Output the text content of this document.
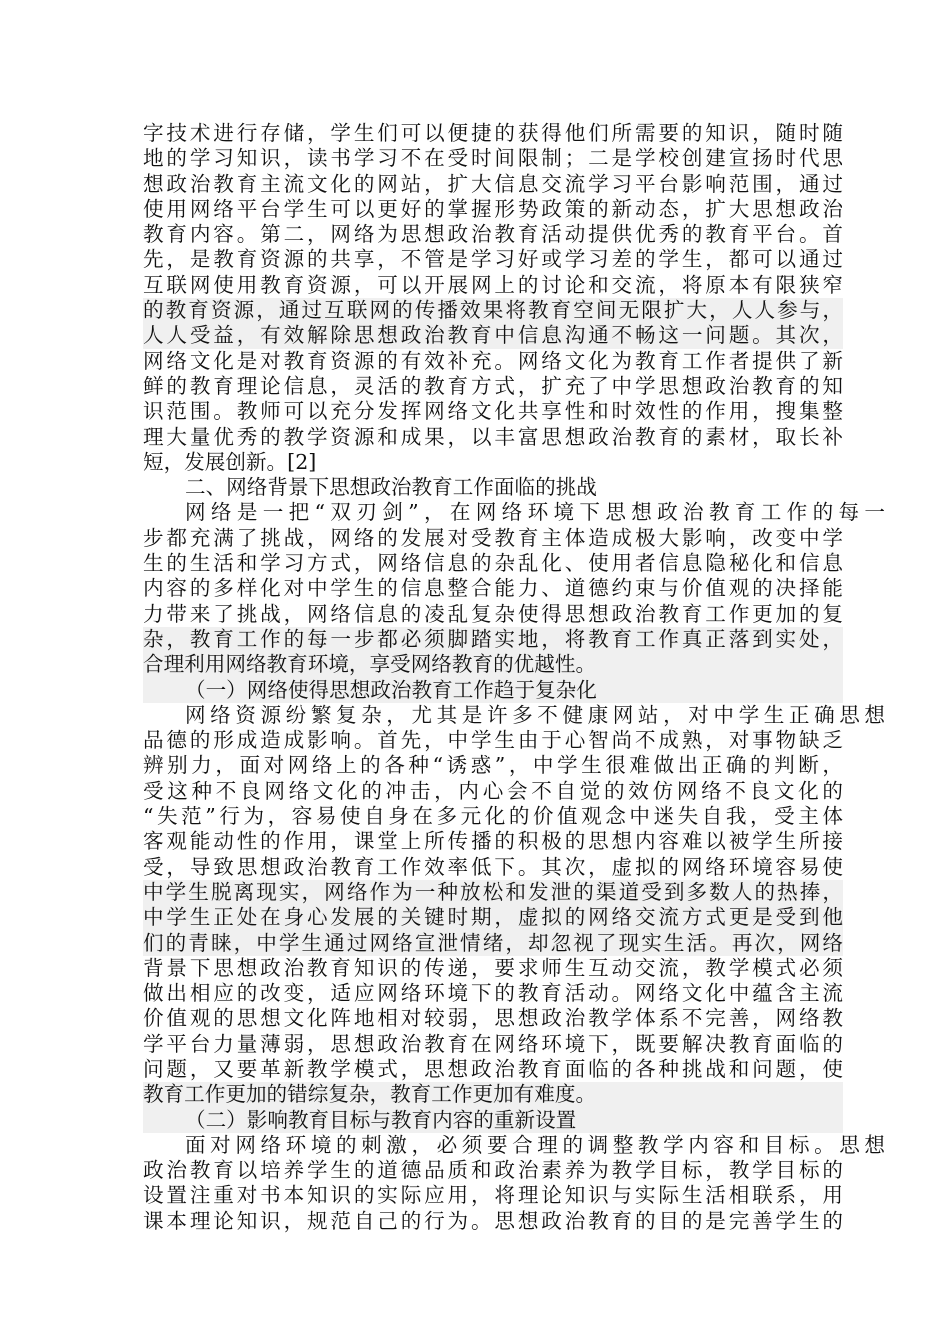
字技术进行存储，学生们可以便捷的获得他们所需要的知识，随时随
地的学习知识，读书学习不在受时间限制；二是学校创建宣扬时代思
想政治教育主流文化的网站，扩大信息交流学习平台影响范围，通过
使用网络平台学生可以更好的掌握形势政策的新动态，扩大思想政治
教育内容。第二，网络为思想政治教育活动提供优秀的教育平台。首
先，是教育资源的共享，不管是学习好或学习差的学生，都可以通过
互联网使用教育资源，可以开展网上的讨论和交流，将原本有限狭窄
的教育资源，通过互联网的传播效果将教育空间无限扩大，人人参与，
人人受益，有效解除思想政治教育中信息沟通不畅这一问题。其次，
网络文化是对教育资源的有效补充。网络文化为教育工作者提供了新
鲜的教育理论信息，灵活的教育方式，扩充了中学思想政治教育的知
识范围。教师可以充分发挥网络文化共享性和时效性的作用，搜集整
理大量优秀的教学资源和成果，以丰富思想政治教育的素材，取长补
短，发展创新。[2]
二、网络背景下思想政治教育工作面临的挑战
网络是一把“双刃剑”，在网络环境下思想政治教育工作的每一
步都充满了挑战，网络的发展对受教育主体造成极大影响，改变中学
生的生活和学习方式，网络信息的杂乱化、使用者信息隐秘化和信息
内容的多样化对中学生的信息整合能力、道德约束与价值观的决择能
力带来了挑战，网络信息的凌乱复杂使得思想政治教育工作更加的复
杂，教育工作的每一步都必须脚踏实地，将教育工作真正落到实处，
合理利用网络教育环境，享受网络教育的优越性。
（一）网络使得思想政治教育工作趋于复杂化
网络资源纷繁复杂，尤其是许多不健康网站，对中学生正确思想
品德的形成造成影响。首先，中学生由于心智尚不成熟，对事物缺乏
辨别力，面对网络上的各种“诱惑”，中学生很难做出正确的判断，
受这种不良网络文化的冲击，内心会不自觉的效仿网络不良文化的
“失范”行为，容易使自身在多元化的价值观念中迷失自我，受主体
客观能动性的作用，课堂上所传播的积极的思想内容难以被学生所接
受，导致思想政治教育工作效率低下。其次，虚拟的网络环境容易使
中学生脱离现实，网络作为一种放松和发泄的渠道受到多数人的热捧，
中学生正处在身心发展的关键时期，虚拟的网络交流方式更是受到他
们的青睐，中学生通过网络宣泄情绪，却忽视了现实生活。再次，网络
背景下思想政治教育知识的传递，要求师生互动交流，教学模式必须
做出相应的改变，适应网络环境下的教育活动。网络文化中蕴含主流
价值观的思想文化阵地相对较弱，思想政治教学体系不完善，网络教
学平台力量薄弱，思想政治教育在网络环境下，既要解决教育面临的
问题，又要革新教学模式，思想政治教育面临的各种挑战和问题，使
教育工作更加的错综复杂，教育工作更加有难度。
（二）影响教育目标与教育内容的重新设置
面对网络环境的刺激，必须要合理的调整教学内容和目标。思想
政治教育以培养学生的道德品质和政治素养为教学目标，教学目标的
设置注重对书本知识的实际应用，将理论知识与实际生活相联系，用
课本理论知识，规范自己的行为。思想政治教育的目的是完善学生的
